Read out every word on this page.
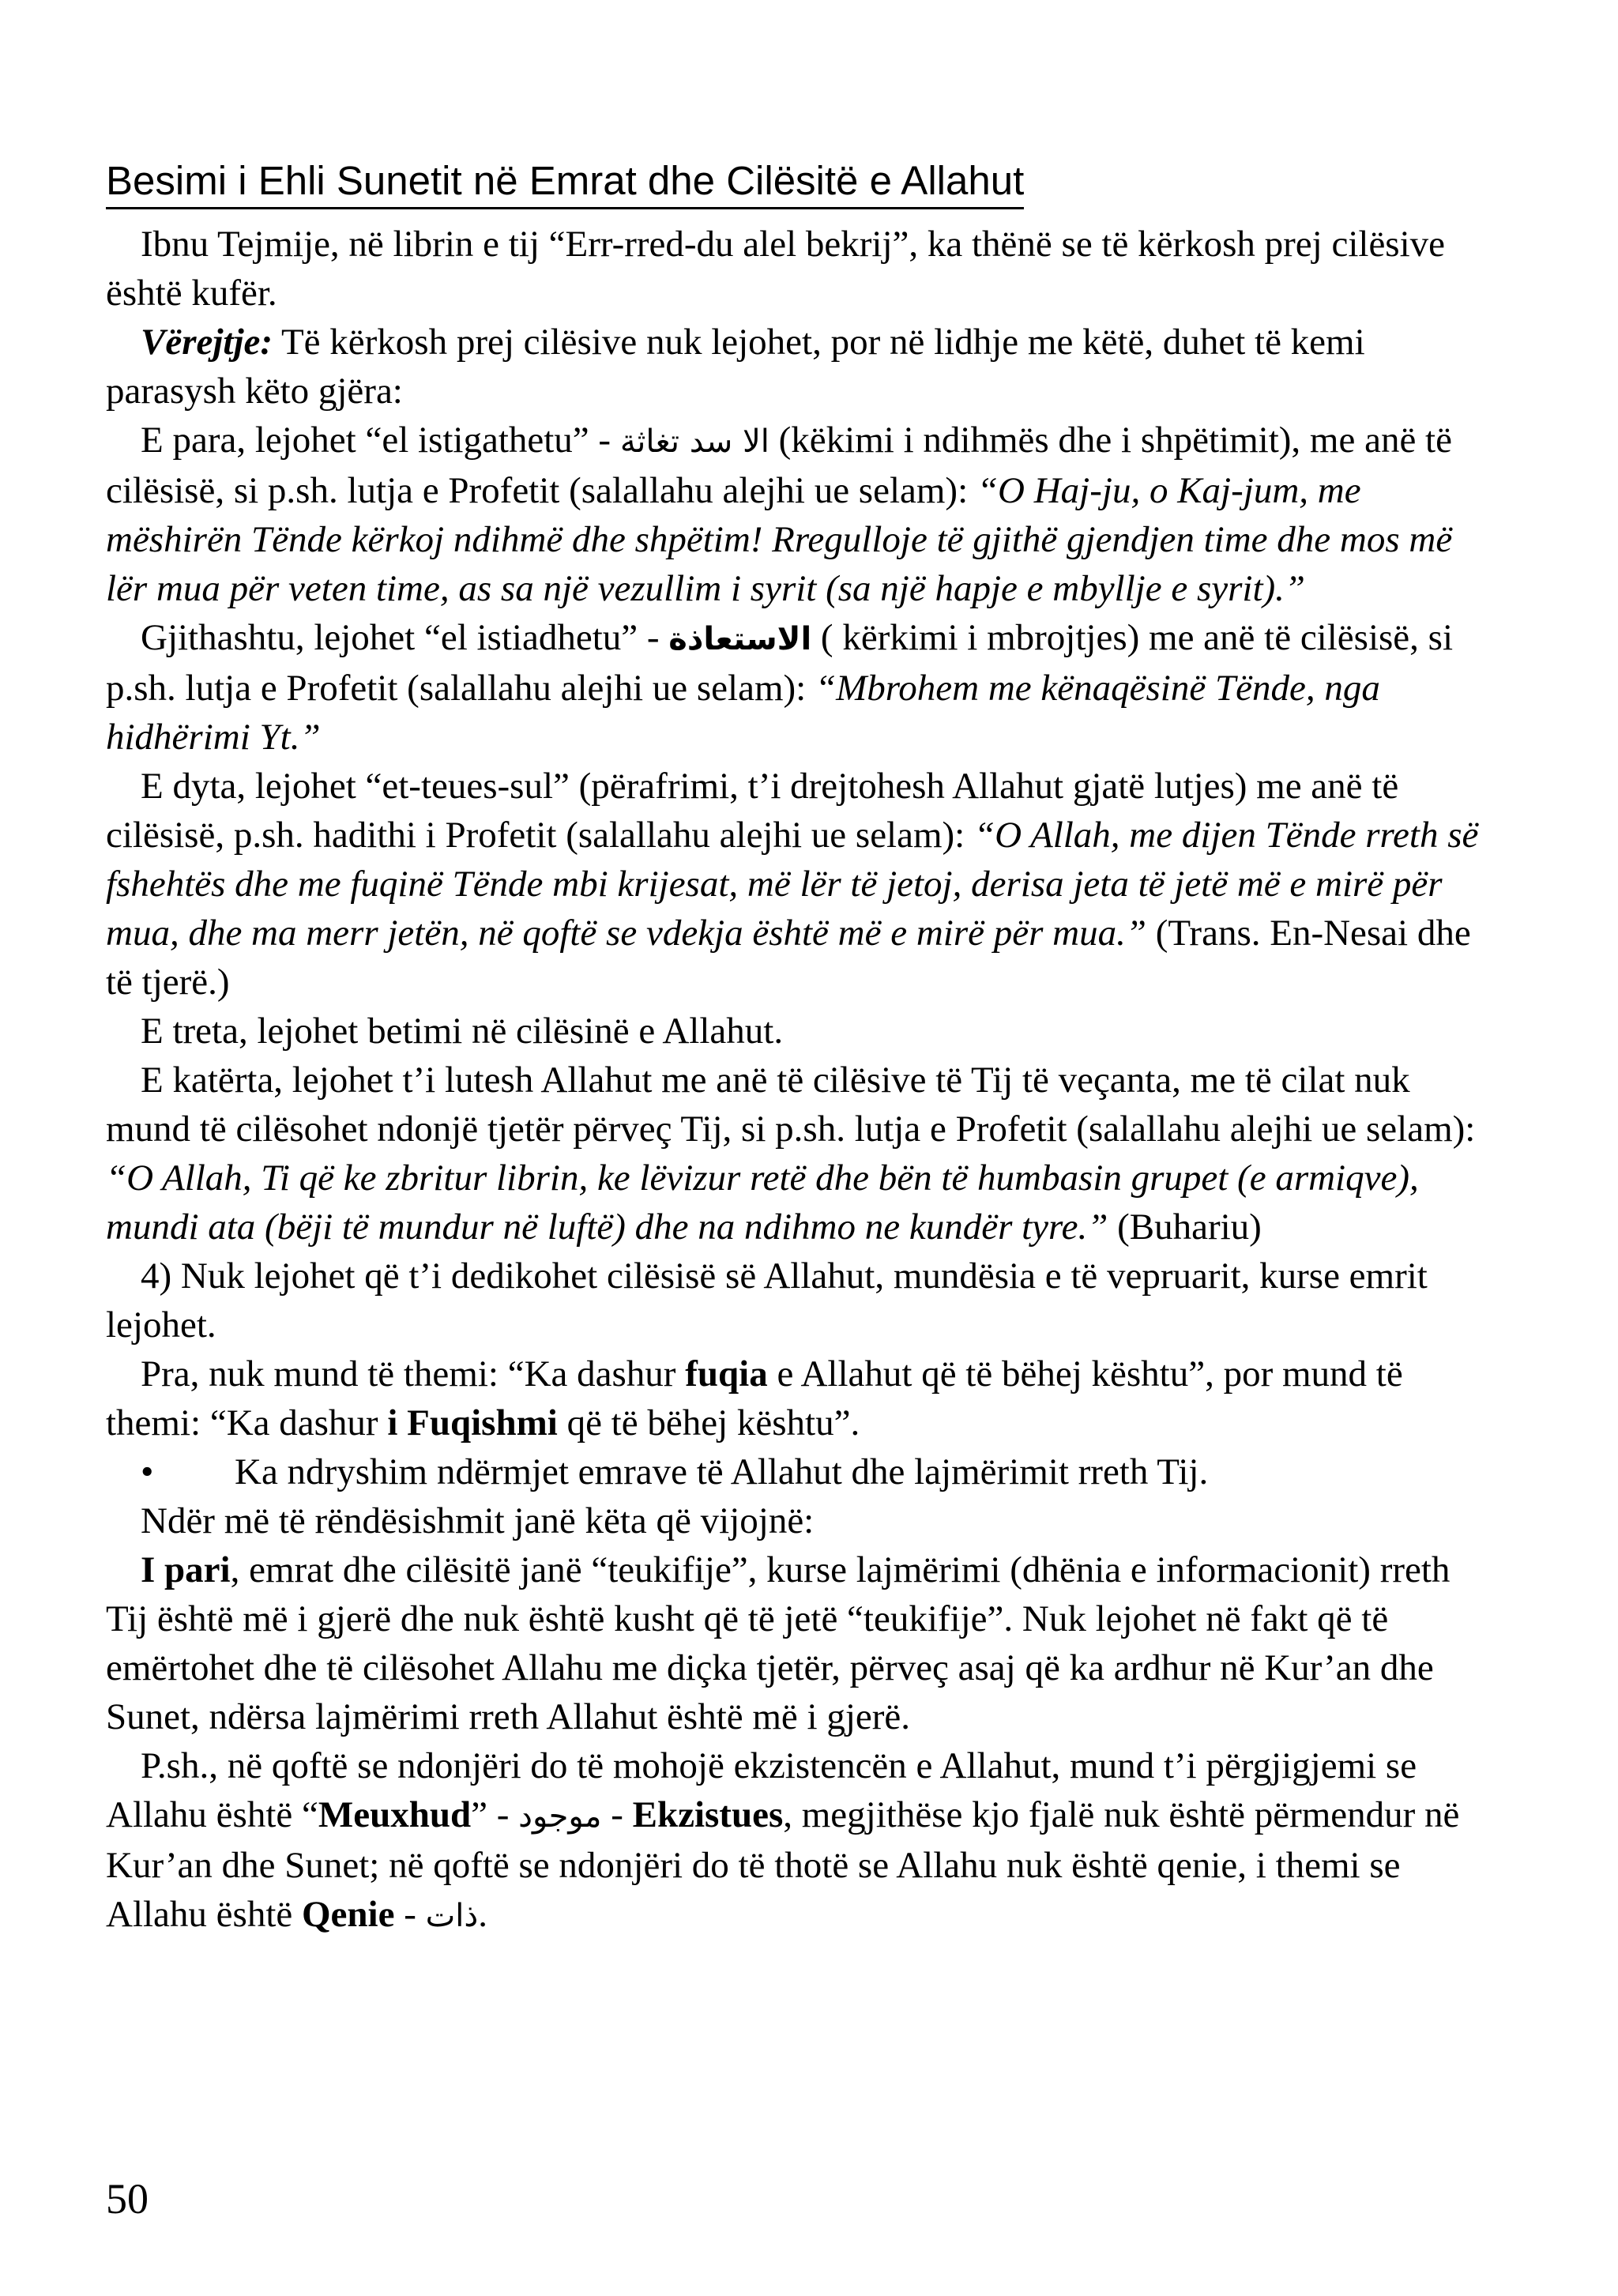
Besimi i Ehli Sunetit në Emrat dhe Cilësitë e Allahut

Ibnu Tejmije, në librin e tij “Err-rred-du alel bekrij”, ka thënë se të kërkosh prej cilësive është kufër.

Vërejtje: Të kërkosh prej cilësive nuk lejohet, por në lidhje me këtë, duhet të kemi parasysh këto gjëra:

E para, lejohet “el istigathetu” - الا سد تغاثة (këkimi i ndihmës dhe i shpëtimit), me anë të cilësisë, si p.sh. lutja e Profetit (salallahu alejhi ue selam): “O Haj-ju, o Kaj-jum, me mëshirën Tënde kërkoj ndihmë dhe shpëtim! Rregulloje të gjithë gjendjen time dhe mos më lër mua për veten time, as sa një vezullim i syrit (sa një hapje e mbyllje e syrit).”

Gjithashtu, lejohet “el istiadhetu” - الاستعاذة ( kërkimi i mbrojtjes) me anë të cilësisë, si p.sh. lutja e Profetit (salallahu alejhi ue selam): “Mbrohem me kënaqësinë Tënde, nga hidhërimi Yt.”

E dyta, lejohet “et-teues-sul” (përafrimi, t’i drejtohesh Allahut gjatë lutjes) me anë të cilësisë, p.sh. hadithi i Profetit (salallahu alejhi ue selam): “O Allah, me dijen Tënde rreth së fshehtës dhe me fuqinë Tënde mbi krijesat, më lër të jetoj, derisa jeta të jetë më e mirë për mua, dhe ma merr jetën, në qoftë se vdekja është më e mirë për mua.” (Trans. En-Nesai dhe të tjerë.)

E treta, lejohet betimi në cilësinë e Allahut.

E katërta, lejohet t’i lutesh Allahut me anë të cilësive të Tij të veçanta, me të cilat nuk mund të cilësohet ndonjë tjetër përveç Tij, si p.sh. lutja e Profetit (salallahu alejhi ue selam): “O Allah, Ti që ke zbritur librin, ke lëvizur retë dhe bën të humbasin grupet (e armiqve), mundi ata (bëji të mundur në luftë) dhe na ndihmo ne kundër tyre.” (Buhariu)

4) Nuk lejohet që t’i dedikohet cilësisë së Allahut, mundësia e të vepruarit, kurse emrit lejohet.

Pra, nuk mund të themi: “Ka dashur fuqia e Allahut që të bëhej kështu”, por mund të themi: “Ka dashur i Fuqishmi që të bëhej kështu”.

•	Ka ndryshim ndërmjet emrave të Allahut dhe lajmërimit rreth Tij.

Ndër më të rëndësishmit janë këta që vijojnë:

I pari, emrat dhe cilësitë janë “teukifije”, kurse lajmërimi (dhënia e informacionit) rreth Tij është më i gjerë dhe nuk është kusht që të jetë “teukifije”. Nuk lejohet në fakt që të emërtohet dhe të cilësohet Allahu me diçka tjetër, përveç asaj që ka ardhur në Kur’an dhe Sunet, ndërsa lajmërimi rreth Allahut është më i gjerë.

P.sh., në qoftë se ndonjëri do të mohojë ekzistencën e Allahut, mund t’i përgjigjemi se Allahu është “Meuxhud” - موجود - Ekzistues, megjithëse kjo fjalë nuk është përmendur në Kur’an dhe Sunet; në qoftë se ndonjëri do të thotë se Allahu nuk është qenie, i themi se Allahu është Qenie - ذات.

50
